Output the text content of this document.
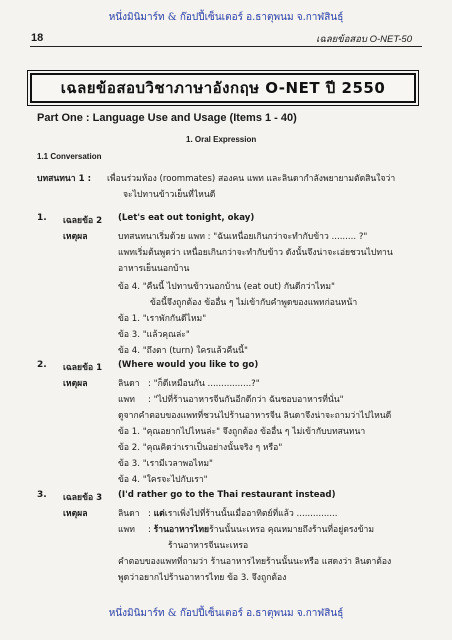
หนึ่งมินิมาร์ท & ก๊อปปี้เซ็นเตอร์ อ.ธาตุพนม จ.กาฬสินธุ์
18	เฉลยข้อสอบ O-NET-50
เฉลยข้อสอบวิชาภาษาอังกฤษ O-NET ปี 2550
Part One : Language Use and Usage (Items 1 - 40)
1. Oral Expression
1.1 Conversation
บทสนทนา 1 : เพื่อนร่วมห้อง (roommates) สองคน แพท และลินดากำลังพยายามตัดสินใจว่า
จะไปทานข้าวเย็นที่ไหนดี
1. เฉลยข้อ 2 (Let's eat out tonight, okay)
เหตุผล	บทสนทนาเริ่มด้วย แพท : "ฉันเหนื่อยเกินกว่าจะทำกับข้าว ......... ?"
แพทเริ่มต้นพูดว่า เหนื่อยเกินกว่าจะทำกับข้าว ดังนั้นจึงน่าจะเอ่ยชวนไปทาน
อาหารเย็นนอกบ้าน
ข้อ 4. "คืนนี้ ไปทานข้าวนอกบ้าน (eat out) กันดีกว่าไหม"
ข้อนี้จึงถูกต้อง ข้ออื่น ๆ ไม่เข้ากับคำพูดของแพทก่อนหน้า
ข้อ 1. "เราพักกันดีไหม"
ข้อ 3. "แล้วคุณล่ะ"
ข้อ 4. "ถึงตา (turn) ใครแล้วคืนนี้"
2. เฉลยข้อ 1 (Where would you like to go)
เหตุผล	ลินดา : "ก็ดีเหมือนกัน ................?"
แพท : "ไปที่ร้านอาหารจีนกันอีกดีกว่า ฉันชอบอาหารที่นั่น"
ดูจากคำตอบของแพทที่ชวนไปร้านอาหารจีน ลินดาจึงน่าจะถามว่าไปไหนดี
ข้อ 1. "คุณอยากไปไหนล่ะ" จึงถูกต้อง ข้ออื่น ๆ ไม่เข้ากับบทสนทนา
ข้อ 2. "คุณคิดว่าเราเป็นอย่างนั้นจริง ๆ หรือ"
ข้อ 3. "เรามีเวลาพอไหม"
ข้อ 4. "ใครจะไปกับเรา"
3. เฉลยข้อ 3 (I'd rather go to the Thai restaurant instead)
เหตุผล	ลินดา : แต่เราเพิ่งไปที่ร้านนั้นเมื่ออาทิตย์ที่แล้ว ...............
แพท : ร้านอาหารไทยร้านนั้นนะเหรอ คุณหมายถึงร้านที่อยู่ตรงข้าม
ร้านอาหารจีนนะเหรอ
คำตอบของแพทที่ถามว่า ร้านอาหารไทยร้านนั้นนะหรือ แสดงว่า ลินดาต้อง
พูดว่าอยากไปร้านอาหารไทย ข้อ 3. จึงถูกต้อง
หนึ่งมินิมาร์ท & ก๊อปปี้เซ็นเตอร์ อ.ธาตุพนม จ.กาฬสินธุ์
